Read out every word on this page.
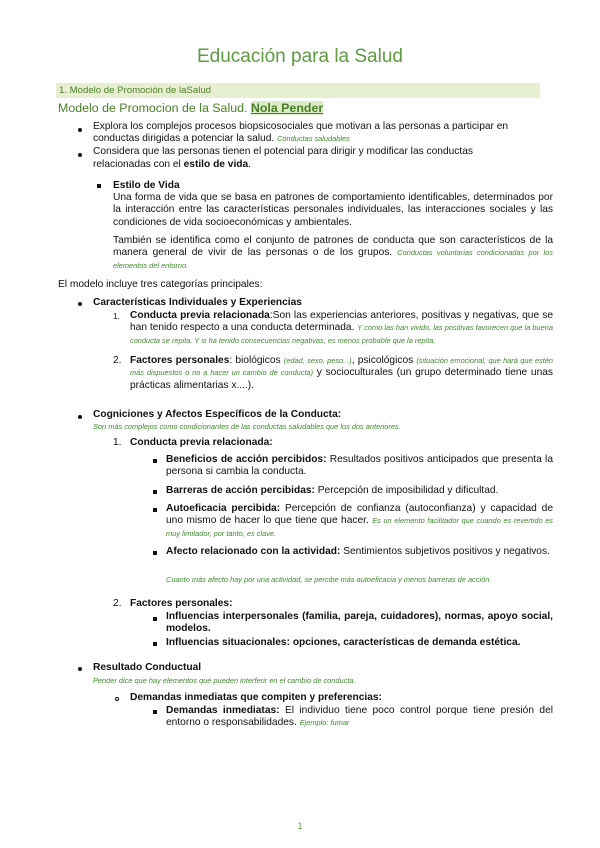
Educación para la Salud
1. Modelo de Promoción de laSalud
Modelo de Promocion de la Salud. Nola Pender
Explora los complejos procesos biopsicosociales que motivan a las personas a participar en
conductas dirigidas a potenciar la salud. Conductas saludables
Considera que las personas tienen el potencial para dirigir y modificar las conductas
relacionadas con el estilo de vida.
Estilo de Vida
Una forma de vida que se basa en patrones de comportamiento identificables, determinados por la interacción entre las características personales individuales, las interacciones sociales y las condiciones de vida socioeconómicas y ambientales.
También se identifica como el conjunto de patrones de conducta que son característicos de la manera general de vivir de las personas o de los grupos. Conductas voluntarias condicionadas por los elementos del entorno.
El modelo incluye tres categorías principales:
Características Individuales y Experiencias
1. Conducta previa relacionada:Son las experiencias anteriores, positivas y negativas, que se han tenido respecto a una conducta determinada. Y como las han vivido, las positivas favorecen que la buena conducta se repita. Y si ha tenido consecuencias negativas, es menos probable que la repita.
2. Factores personales: biológicos (edad, sexo, peso...), psicológicos (situación emocional, que hará que estén más dispuestos o no a hacer un cambio de conducta) y socioculturales (un grupo determinado tiene unas prácticas alimentarias x....).
Cogniciones y Afectos Específicos de la Conducta:
Son más complejos como condicionantes de las conductas saludables que los dos anteriores.
1. Conducta previa relacionada:
Beneficios de acción percibidos: Resultados positivos anticipados que presenta la persona si cambia la conducta.
Barreras de acción percibidas: Percepción de imposibilidad y dificultad.
Autoeficacia percibida: Percepción de confianza (autoconfianza) y capacidad de uno mismo de hacer lo que tiene que hacer. Es un elemento facilitador que cuando es revertido es muy limitador, por tanto, es clave.
Afecto relacionado con la actividad: Sentimientos subjetivos positivos y negativos.
Cuanto más afecto hay por una actividad, se percibe más autoeficacia y menos barreras de acción.
2. Factores personales:
Influencias interpersonales (familia, pareja, cuidadores), normas, apoyo social, modelos.
Influencias situacionales: opciones, características de demanda estética.
Resultado Conductual
Pender dice que hay elementos que pueden interferir en el cambio de conducta.
Demandas inmediatas que compiten y preferencias:
Demandas inmediatas: El individuo tiene poco control porque tiene presión del entorno o responsabilidades. Ejemplo: fumar
1
